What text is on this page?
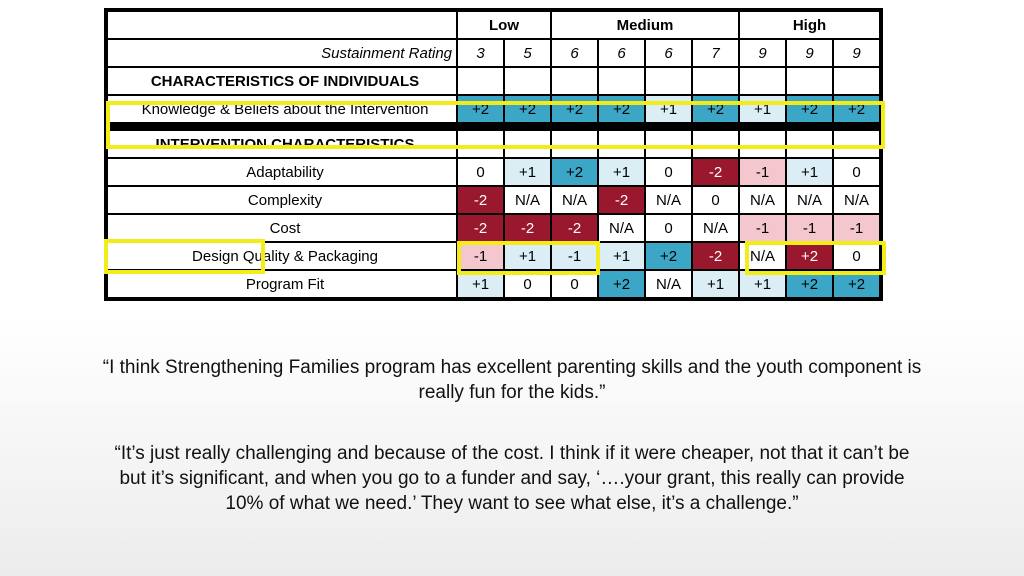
	Low		Medium				High		
Sustainment Rating	3	5	6	6	6	7	9	9	9
CHARACTERISTICS OF INDIVIDUALS									
Knowledge & Beliefs about the Intervention	+2	+2	+2	+2	+1	+2	+1	+2	+2

INTERVENTION CHARACTERISTICS									
Adaptability	0	+1	+2	+1	0	-2	-1	+1	0
Complexity	-2	N/A	N/A	-2	N/A	0	N/A	N/A	N/A
Cost	-2	-2	-2	N/A	0	N/A	-1	-1	-1
Design Quality & Packaging	-1	+1	-1	+1	+2	-2	N/A	+2	0
Program Fit	+1	0	0	+2	N/A	+1	+1	+2	+2
“I think Strengthening Families program has excellent parenting skills and the youth component is really fun for the kids.”
“It’s just really challenging and because of the cost. I think if it were cheaper, not that it can’t be but it’s significant, and when you go to a funder and say, ‘….your grant, this really can provide 10% of what we need.’ They want to see what else, it’s a challenge.”
